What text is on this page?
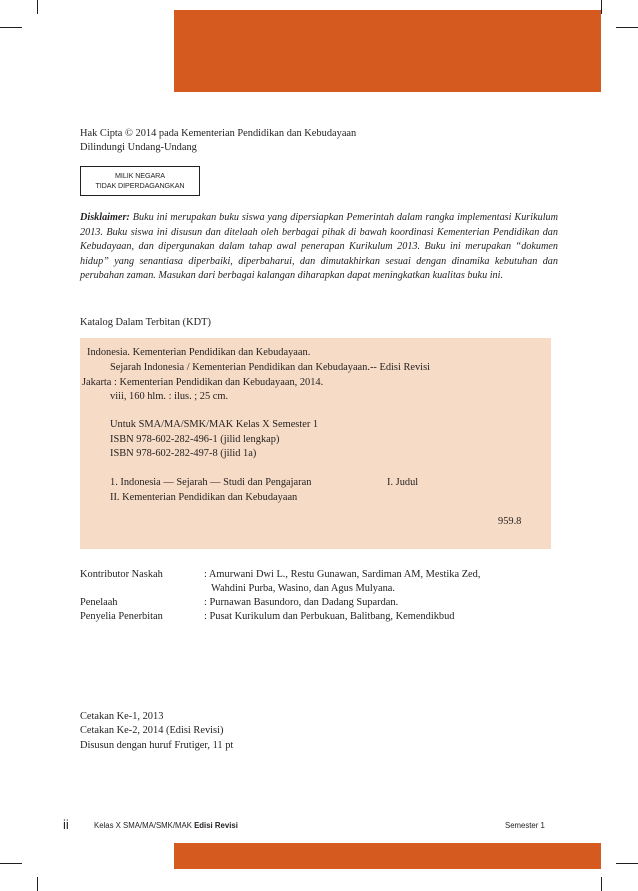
Hak Cipta © 2014 pada Kementerian Pendidikan dan Kebudayaan
Dilindungi Undang-Undang
MILIK NEGARA
TIDAK DIPERDAGANGKAN
Disklaimer: Buku ini merupakan buku siswa yang dipersiapkan Pemerintah dalam rangka implementasi Kurikulum 2013. Buku siswa ini disusun dan ditelaah oleh berbagai pihak di bawah koordinasi Kementerian Pendidikan dan Kebudayaan, dan dipergunakan dalam tahap awal penerapan Kurikulum 2013. Buku ini merupakan “dokumen hidup” yang senantiasa diperbaiki, diperbaharui, dan dimutakhirkan sesuai dengan dinamika kebutuhan dan perubahan zaman. Masukan dari berbagai kalangan diharapkan dapat meningkatkan kualitas buku ini.
Katalog Dalam Terbitan (KDT)
Indonesia. Kementerian Pendidikan dan Kebudayaan.
Sejarah Indonesia / Kementerian Pendidikan dan Kebudayaan.-- Edisi Revisi
Jakarta : Kementerian Pendidikan dan Kebudayaan, 2014.
viii, 160 hlm. : ilus. ; 25 cm.
Untuk SMA/MA/SMK/MAK Kelas X Semester 1
ISBN 978-602-282-496-1 (jilid lengkap)
ISBN 978-602-282-497-8 (jilid 1a)
1. Indonesia — Sejarah — Studi dan Pengajaran	I. Judul
II. Kementerian Pendidikan dan Kebudayaan
959.8
Kontributor Naskah	: Amurwani Dwi L., Restu Gunawan, Sardiman AM, Mestika Zed,
Wahdini Purba, Wasino, dan Agus Mulyana.
Penelaah	: Purnawan Basundoro, dan Dadang Supardan.
Penyelia Penerbitan	: Pusat Kurikulum dan Perbukuan, Balitbang, Kemendikbud
Cetakan Ke-1, 2013
Cetakan Ke-2, 2014 (Edisi Revisi)
Disusun dengan huruf Frutiger, 11 pt
ii	Kelas X SMA/MA/SMK/MAK Edisi Revisi	Semester 1
